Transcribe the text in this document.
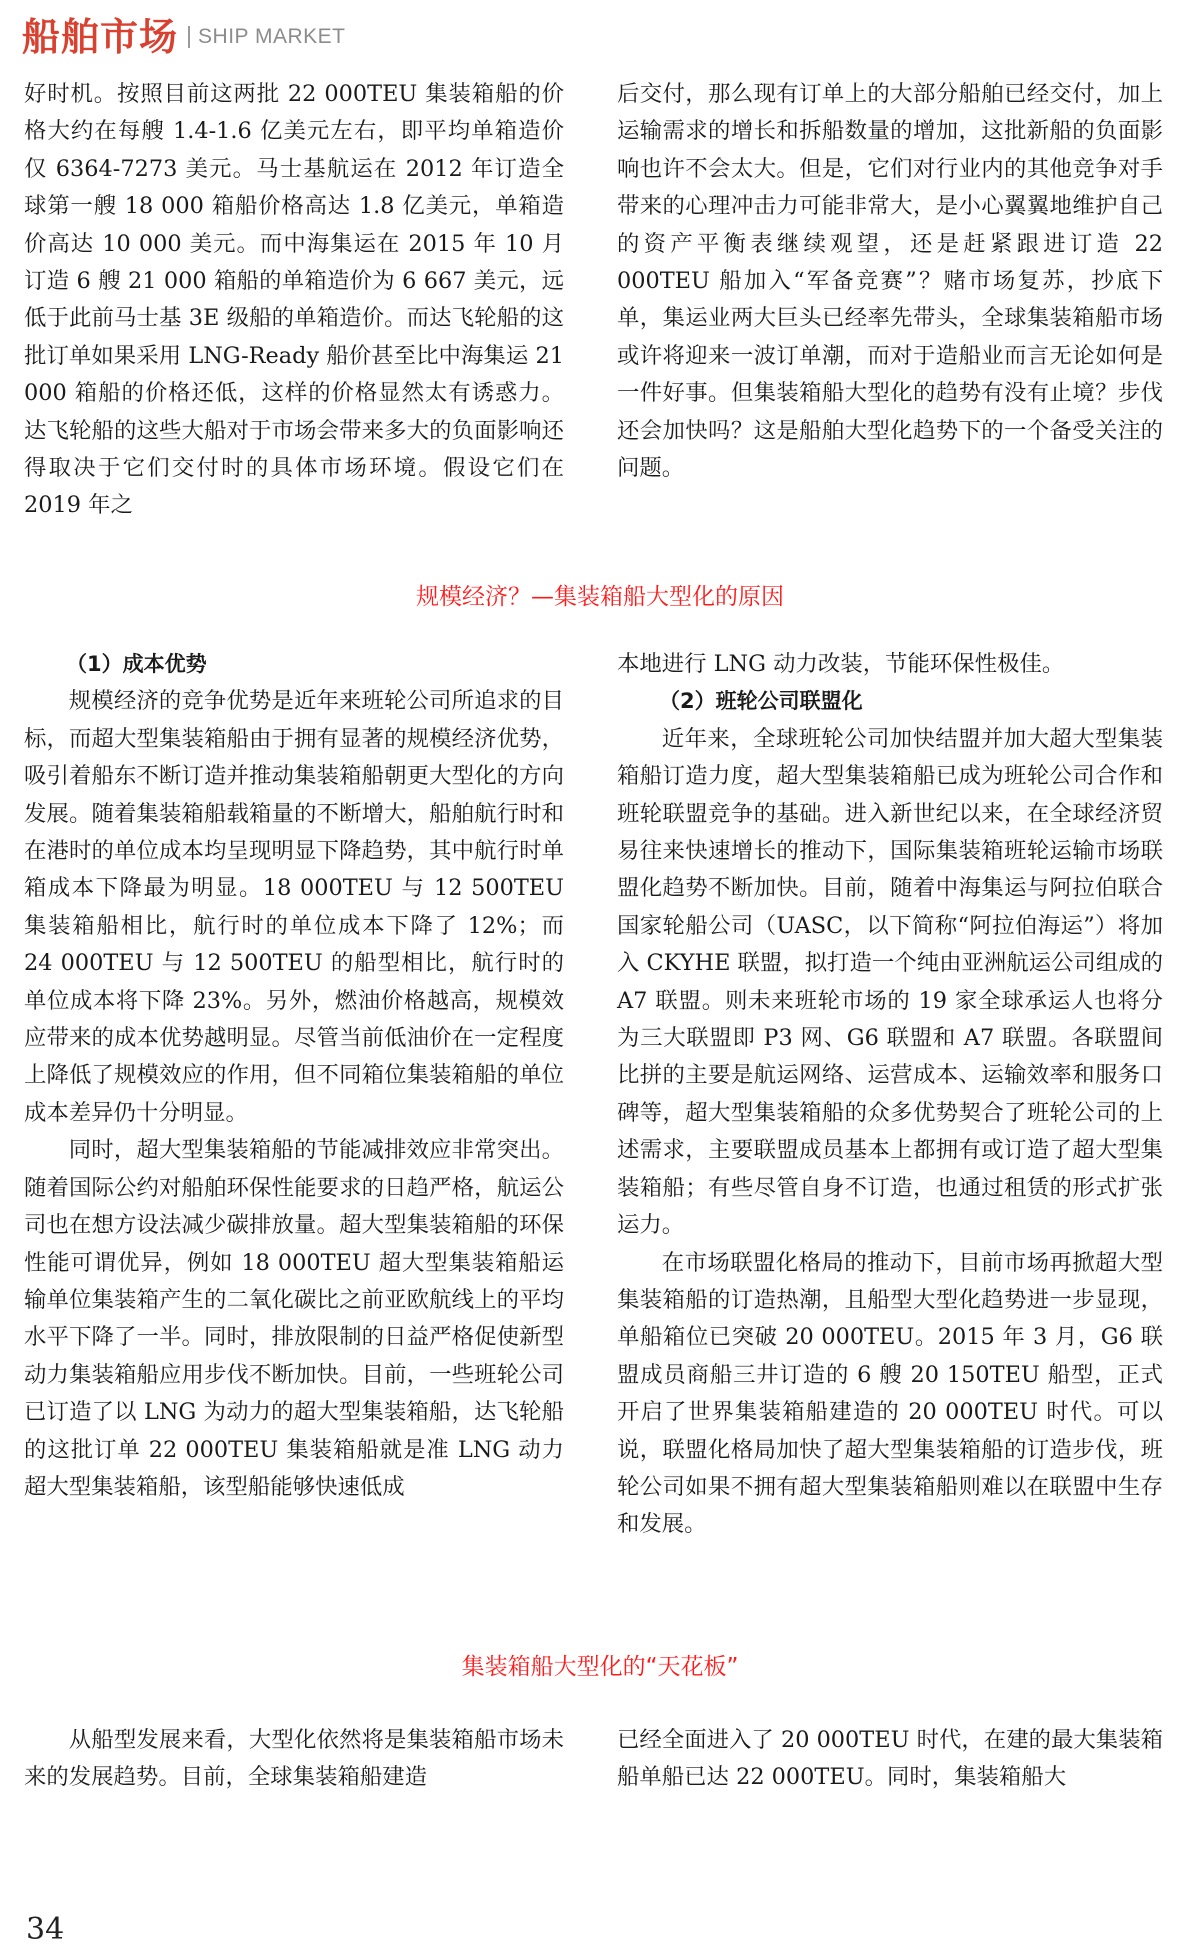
船舶市场 SHIP MARKET

好时机。按照目前这两批 22 000TEU 集装箱船的价格大约在每艘 1.4-1.6 亿美元左右，即平均单箱造价仅 6364-7273 美元。马士基航运在 2012 年订造全球第一艘 18 000 箱船价格高达 1.8 亿美元，单箱造价高达 10 000 美元。而中海集运在 2015 年 10 月订造 6 艘 21 000 箱船的单箱造价为 6 667 美元，远低于此前马士基 3E 级船的单箱造价。而达飞轮船的这批订单如果采用 LNG-Ready 船价甚至比中海集运 21 000 箱船的价格还低，这样的价格显然太有诱惑力。达飞轮船的这些大船对于市场会带来多大的负面影响还得取决于它们交付时的具体市场环境。假设它们在 2019 年之

后交付，那么现有订单上的大部分船舶已经交付，加上运输需求的增长和拆船数量的增加，这批新船的负面影响也许不会太大。但是，它们对行业内的其他竞争对手带来的心理冲击力可能非常大，是小心翼翼地维护自己的资产平衡表继续观望，还是赶紧跟进订造 22 000TEU 船加入“军备竞赛”？赌市场复苏，抄底下单，集运业两大巨头已经率先带头，全球集装箱船市场或许将迎来一波订单潮，而对于造船业而言无论如何是一件好事。但集装箱船大型化的趋势有没有止境？步伐还会加快吗？这是船舶大型化趋势下的一个备受关注的问题。

规模经济？—集装箱船大型化的原因

（1）成本优势

规模经济的竞争优势是近年来班轮公司所追求的目标，而超大型集装箱船由于拥有显著的规模经济优势，吸引着船东不断订造并推动集装箱船朝更大型化的方向发展。随着集装箱船载箱量的不断增大，船舶航行时和在港时的单位成本均呈现明显下降趋势，其中航行时单箱成本下降最为明显。18 000TEU 与 12 500TEU 集装箱船相比，航行时的单位成本下降了 12%；而 24 000TEU 与 12 500TEU 的船型相比，航行时的单位成本将下降 23%。另外，燃油价格越高，规模效应带来的成本优势越明显。尽管当前低油价在一定程度上降低了规模效应的作用，但不同箱位集装箱船的单位成本差异仍十分明显。

同时，超大型集装箱船的节能减排效应非常突出。随着国际公约对船舶环保性能要求的日趋严格，航运公司也在想方设法减少碳排放量。超大型集装箱船的环保性能可谓优异，例如 18 000TEU 超大型集装箱船运输单位集装箱产生的二氧化碳比之前亚欧航线上的平均水平下降了一半。同时，排放限制的日益严格促使新型动力集装箱船应用步伐不断加快。目前，一些班轮公司已订造了以 LNG 为动力的超大型集装箱船，达飞轮船的这批订单 22 000TEU 集装箱船就是准 LNG 动力超大型集装箱船，该型船能够快速低成

本地进行 LNG 动力改装，节能环保性极佳。

（2）班轮公司联盟化

近年来，全球班轮公司加快结盟并加大超大型集装箱船订造力度，超大型集装箱船已成为班轮公司合作和班轮联盟竞争的基础。进入新世纪以来，在全球经济贸易往来快速增长的推动下，国际集装箱班轮运输市场联盟化趋势不断加快。目前，随着中海集运与阿拉伯联合国家轮船公司（UASC，以下简称“阿拉伯海运”）将加入 CKYHE 联盟，拟打造一个纯由亚洲航运公司组成的 A7 联盟。则未来班轮市场的 19 家全球承运人也将分为三大联盟即 P3 网、G6 联盟和 A7 联盟。各联盟间比拼的主要是航运网络、运营成本、运输效率和服务口碑等，超大型集装箱船的众多优势契合了班轮公司的上述需求，主要联盟成员基本上都拥有或订造了超大型集装箱船；有些尽管自身不订造，也通过租赁的形式扩张运力。

在市场联盟化格局的推动下，目前市场再掀超大型集装箱船的订造热潮，且船型大型化趋势进一步显现，单船箱位已突破 20 000TEU。2015 年 3 月，G6 联盟成员商船三井订造的 6 艘 20 150TEU 船型，正式开启了世界集装箱船建造的 20 000TEU 时代。可以说，联盟化格局加快了超大型集装箱船的订造步伐，班轮公司如果不拥有超大型集装箱船则难以在联盟中生存和发展。

集装箱船大型化的“天花板”

从船型发展来看，大型化依然将是集装箱船市场未来的发展趋势。目前，全球集装箱船建造

已经全面进入了 20 000TEU 时代，在建的最大集装箱船单船已达 22 000TEU。同时，集装箱船大

34
